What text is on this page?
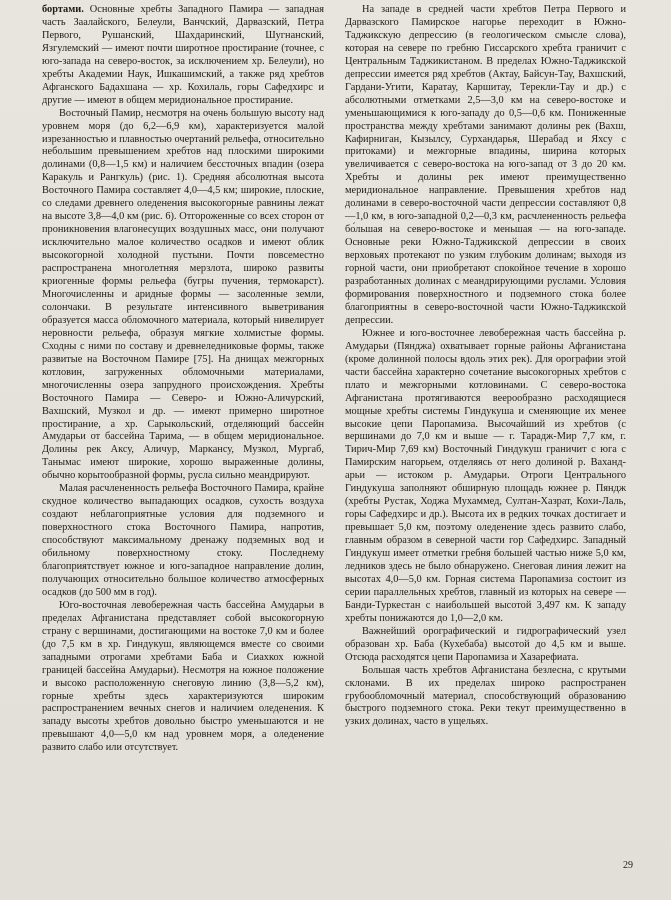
бортами. Основные хребты Западного Памира — западная часть Заалайского, Белеули, Ванчский, Дарвазский, Петра Первого, Рушанский, Шахдаринский, Шугнанский, Язгулемский — имеют почти широтное простирание (точнее, с юго-запада на северо-восток, за исключением хр. Белеули), но хребты Академии Наук, Ишкашимский, а также ряд хребтов Афганского Бадахшана — хр. Кохилаль, горы Сафедхирс и другие — имеют в общем меридиональное простирание.

Восточный Памир, несмотря на очень большую высоту над уровнем моря (до 6,2—6,9 км), характеризуется малой изрезанностью и плавностью очертаний рельефа, относительно небольшим превышением хребтов над плоскими широкими долинами (0,8—1,5 км) и наличием бессточных впадин (озера Каракуль и Рангкуль) (рис. 1). Средняя абсолютная высота Восточного Памира составляет 4,0—4,5 км; широкие, плоские, со следами древнего оледенения высокогорные равнины лежат на высоте 3,8—4,0 км (рис. 6). Отгороженные со всех сторон от проникновения влагонесущих воздушных масс, они получают исключительно малое количество осадков и имеют облик высокогорной холодной пустыни. Почти повсеместно распространена многолетняя мерзлота, широко развиты криогенные формы рельефа (бугры пучения, термокарст). Многочисленны и аридные формы — засоленные земли, солончаки. В результате интенсивного выветривания образуется масса обломочного материала, который нивелирует неровности рельефа, образуя мягкие холмистые формы. Сходны с ними по составу и древнеледниковые формы, также развитые на Восточном Памире [75]. На днищах межгорных котловин, загруженных обломочными материалами, многочисленны озера запрудного происхождения. Хребты Восточного Памира — Северо- и Южно-Аличурский, Вахшский, Музкол и др. — имеют примерно широтное простирание, а хр. Сарыкольский, отделяющий бассейн Амударьи от бассейна Тарима, — в общем меридиональное. Долины рек Аксу, Аличур, Маркансу, Музкол, Мургаб, Танымас имеют широкие, хорошо выраженные долины, обычно корытообразной формы, русла сильно меандрируют.

Малая расчлененность рельефа Восточного Памира, крайне скудное количество выпадающих осадков, сухость воздуха создают неблагоприятные условия для подземного и поверхностного стока Восточного Памира, напротив, способствуют максимальному дренажу подземных вод и обильному поверхностному стоку. Последнему благоприятствует южное и юго-западное направление долин, получающих относительно большое количество атмосферных осадков (до 500 мм в год).

Юго-восточная левобережная часть бассейна Амударьи в пределах Афганистана представляет собой высокогорную страну с вершинами, достигающими на востоке 7,0 км и более (до 7,5 км в хр. Гиндукуш, являющемся вместе со своими западными отрогами хребтами Баба и Сиахкох южной границей бассейна Амударьи). Несмотря на южное положение и высоко расположенную снеговую линию (3,8—5,2 км), горные хребты здесь характеризуются широким распространением вечных снегов и наличием оледенения. К западу высоты хребтов довольно быстро уменьшаются и не превышают 4,0—5,0 км над уровнем моря, а оледенение развито слабо или отсутствует.

На западе в средней части хребтов Петра Первого и Дарвазского Памирское нагорье переходит в Южно-Таджикскую депрессию (в геологическом смысле слова), которая на севере по гребню Гиссарского хребта граничит с Центральным Таджикистаном. В пределах Южно-Таджикской депрессии имеется ряд хребтов (Актау, Байсун-Тау, Вахшский, Гардани-Угити, Каратау, Каршитау, Терекли-Тау и др.) с абсолютными отметками 2,5—3,0 км на северо-востоке и уменьшающимися к юго-западу до 0,5—0,6 км. Пониженные пространства между хребтами занимают долины рек (Вахш, Кафирниган, Кызылсу, Сурхандарья, Шерабад и Яхсу с притоками) и межгорные впадины, ширина которых увеличивается с северо-востока на юго-запад от 3 до 20 км. Хребты и долины рек имеют преимущественно меридиональное направление. Превышения хребтов над долинами в северо-восточной части депрессии составляют 0,8—1,0 км, в юго-западной 0,2—0,3 км, расчлененность рельефа бо́льшая на северо-востоке и меньшая — на юго-западе. Основные реки Южно-Таджикской депрессии в своих верховьях протекают по узким глубоким долинам; выходя из горной части, они приобретают спокойное течение в хорошо разработанных долинах с меандрирующими руслами. Условия формирования поверхностного и подземного стока более благоприятны в северо-восточной части Южно-Таджикской депрессии.

Южнее и юго-восточнее левобережная часть бассейна р. Амударьи (Пянджа) охватывает горные районы Афганистана (кроме долинной полосы вдоль этих рек). Для орографии этой части бассейна характерно сочетание высокогорных хребтов с плато и межгорными котловинами. С северо-востока Афганистана протягиваются веерообразно расходящиеся мощные хребты системы Гиндукуша и сменяющие их менее высокие цепи Паропамиза. Высочайший из хребтов (с вершинами до 7,0 км и выше — г. Тарадж-Мир 7,7 км, г. Тирич-Мир 7,69 км) Восточный Гиндукуш граничит с юга с Памирским нагорьем, отделяясь от него долиной р. Ваханд-арьи — истоком р. Амударьи. Отроги Центрального Гиндукуша заполняют обширную площадь южнее р. Пяндж (хребты Рустак, Ходжа Мухаммед, Султан-Хазрат, Кохи-Лаль, горы Сафедхирс и др.). Высота их в редких точках достигает и превышает 5,0 км, поэтому оледенение здесь развито слабо, главным образом в северной части гор Сафедхирс. Западный Гиндукуш имеет отметки гребня большей частью ниже 5,0 км, ледников здесь не было обнаружено. Снеговая линия лежит на высотах 4,0—5,0 км. Горная система Паропамиза состоит из серии параллельных хребтов, главный из которых на севере — Банди-Туркестан с наибольшей высотой 3,497 км. К западу хребты понижаются до 1,0—2,0 км.

Важнейший орографический и гидрографический узел образован хр. Баба (Кухебаба) высотой до 4,5 км и выше. Отсюда расходятся цепи Паропамиза и Хазарефиата.

Большая часть хребтов Афганистана безлесна, с крутыми склонами. В их пределах широко распространен грубообломочный материал, способствующий образованию быстрого подземного стока. Реки текут преимущественно в узких долинах, часто в ущельях.

29
